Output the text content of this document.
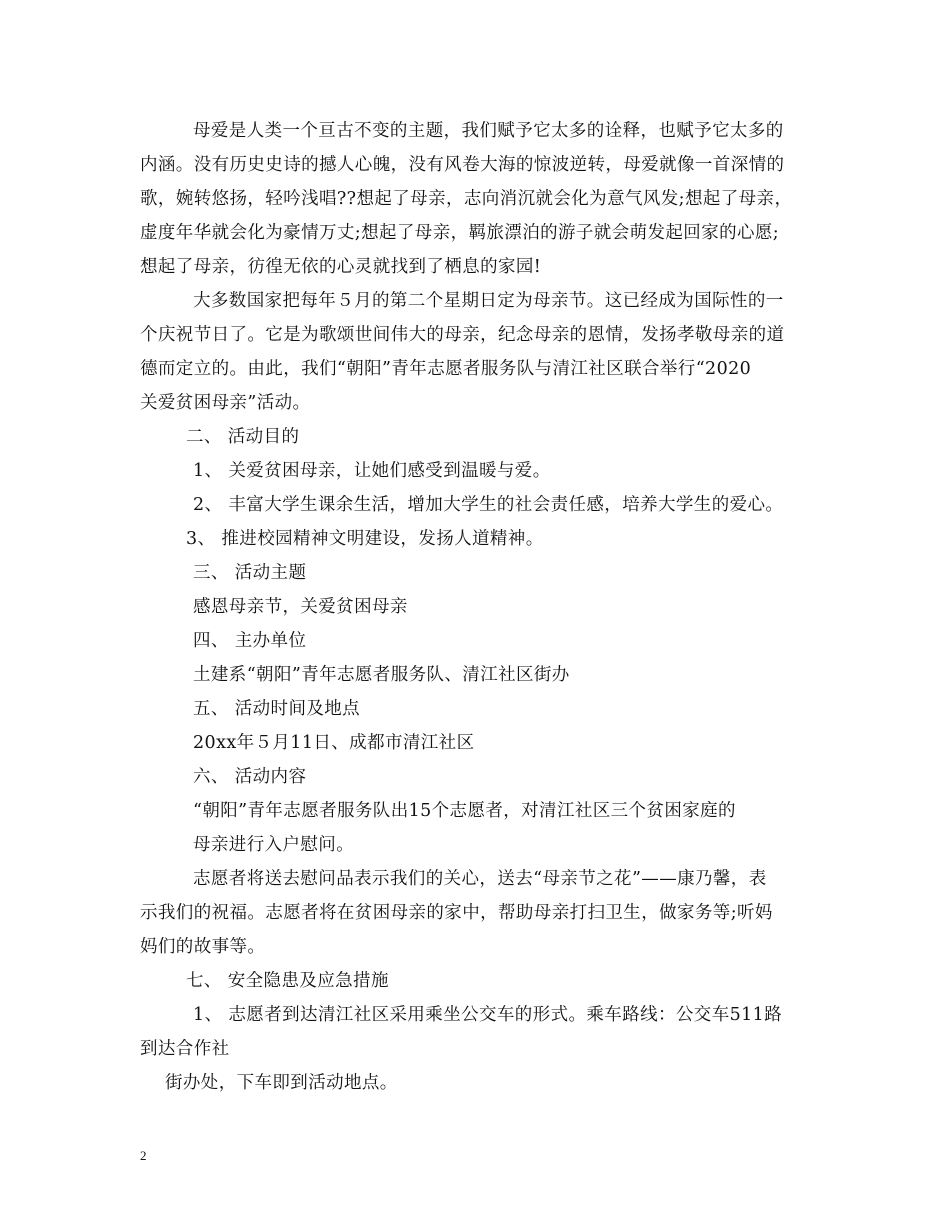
母爱是人类一个亘古不变的主题，我们赋予它太多的诠释，也赋予它太多的
内涵。没有历史史诗的撼人心魄，没有风卷大海的惊波逆转，母爱就像一首深情的
歌，婉转悠扬，轻吟浅唱??想起了母亲，志向消沉就会化为意气风发;想起了母亲，
虚度年华就会化为豪情万丈;想起了母亲，羁旅漂泊的游子就会萌发起回家的心愿;
想起了母亲，彷徨无依的心灵就找到了栖息的家园!
大多数国家把每年５月的第二个星期日定为母亲节。这已经成为国际性的一
个庆祝节日了。它是为歌颂世间伟大的母亲，纪念母亲的恩情，发扬孝敬母亲的道
德而定立的。由此，我们“朝阳”青年志愿者服务队与清江社区联合举行“2020
关爱贫困母亲”活动。
二、 活动目的
1、 关爱贫困母亲，让她们感受到温暖与爱。
2、 丰富大学生课余生活，增加大学生的社会责任感，培养大学生的爱心。
3、 推进校园精神文明建设，发扬人道精神。
三、 活动主题
感恩母亲节，关爱贫困母亲
四、 主办单位
土建系“朝阳”青年志愿者服务队、清江社区街办
五、 活动时间及地点
20xx年５月11日、成都市清江社区
六、 活动内容
“朝阳”青年志愿者服务队出15个志愿者，对清江社区三个贫困家庭的
母亲进行入户慰问。
志愿者将送去慰问品表示我们的关心，送去“母亲节之花”——康乃馨，表
示我们的祝福。志愿者将在贫困母亲的家中，帮助母亲打扫卫生，做家务等;听妈
妈们的故事等。
七、 安全隐患及应急措施
1、 志愿者到达清江社区采用乘坐公交车的形式。乘车路线：公交车511路
到达合作社
街办处，下车即到活动地点。
2
